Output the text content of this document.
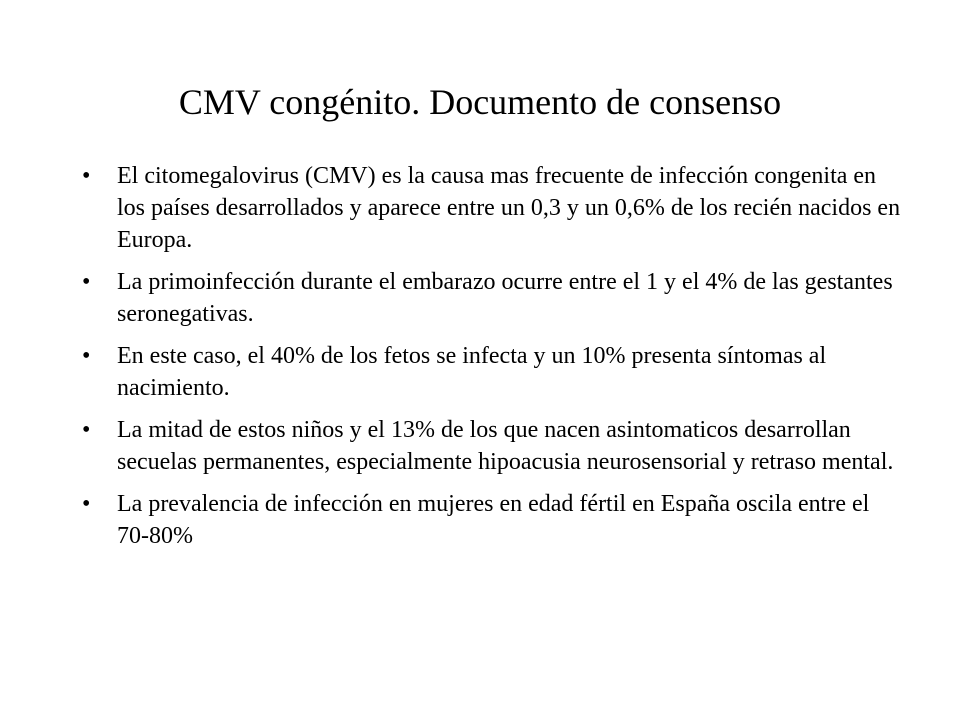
CMV congénito. Documento de consenso
•	El citomegalovirus (CMV) es la causa mas frecuente de infección congenita en los países desarrollados y aparece entre un 0,3 y un 0,6% de los recién nacidos en Europa.
•	La primoinfección durante el embarazo ocurre entre el 1 y el 4% de las gestantes seronegativas.
•	En este caso, el 40% de los fetos se infecta y un 10% presenta síntomas al nacimiento.
•	La mitad de estos niños y el 13% de los que nacen asintomaticos desarrollan secuelas permanentes, especialmente hipoacusia neurosensorial y retraso mental.
•	La prevalencia de infección en mujeres en edad fértil en España oscila entre el 70-80%
